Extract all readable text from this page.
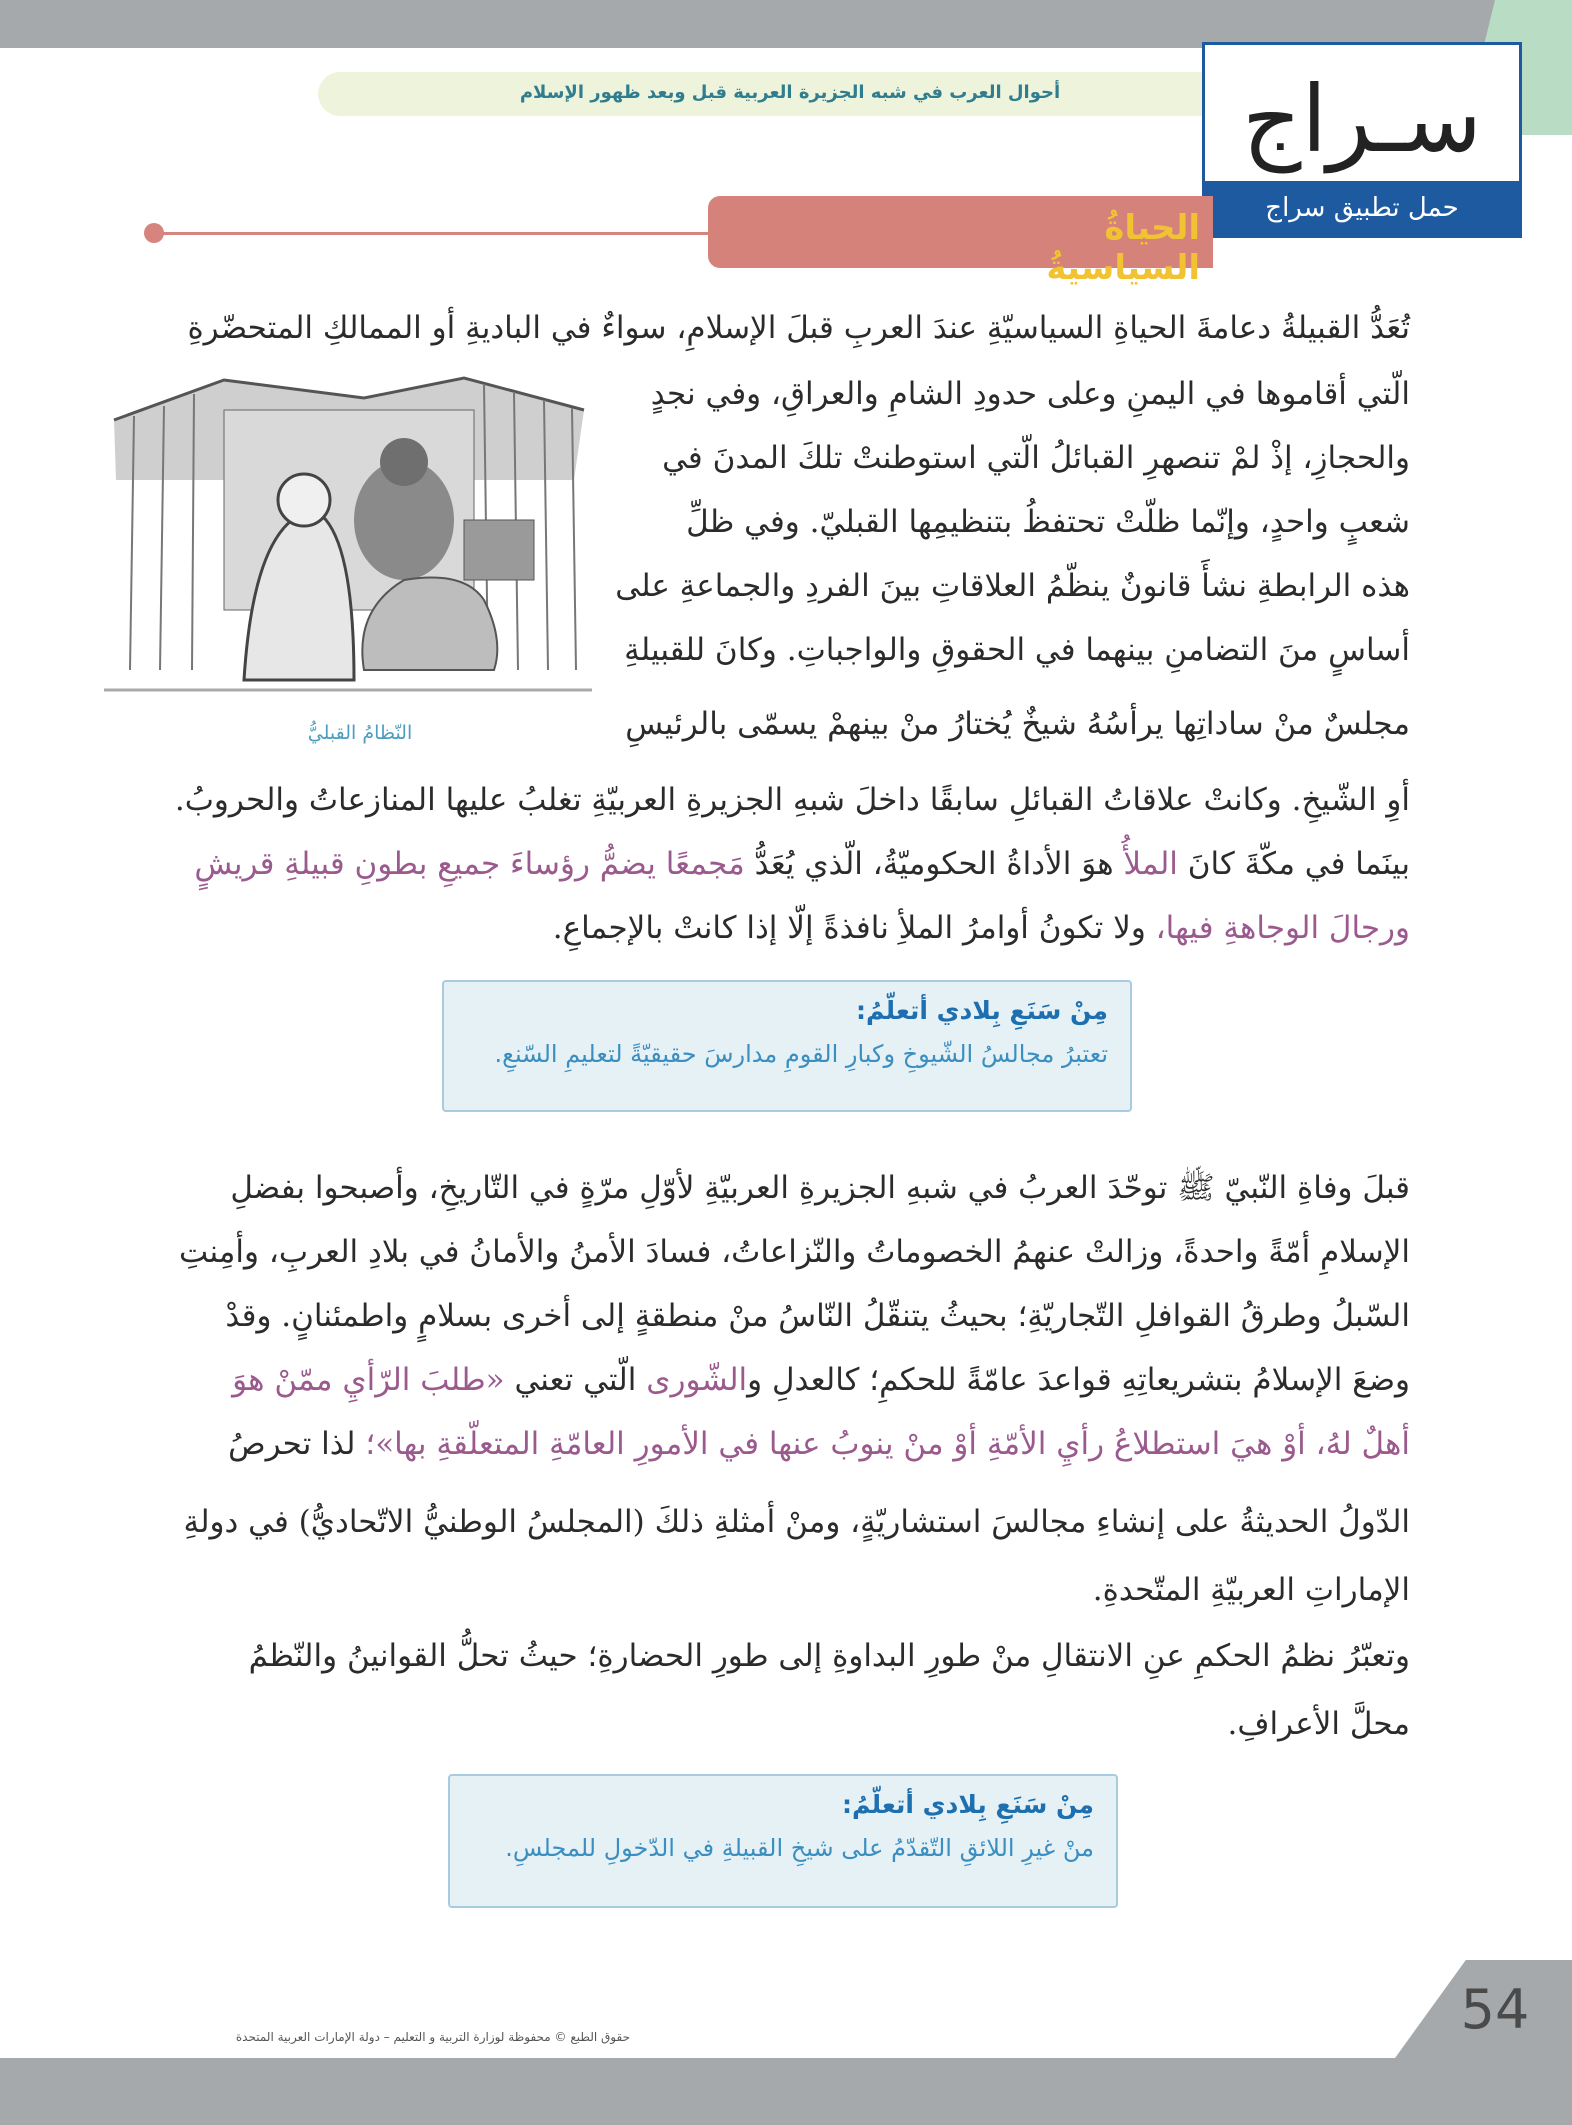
أحوال العرب في شبه الجزيرة العربية قبل وبعد ظهور الإسلام	سـراج
حمل تطبيق سراج
الحياةُ السياسيةُ
تُعَدُّ القبيلةُ دعامةَ الحياةِ السياسيّةِ عندَ العربِ قبلَ الإسلامِ، سواءٌ في الباديةِ أو الممالكِ المتحضّرةِ
الّتي أقاموها في اليمنِ وعلى حدودِ الشامِ والعراقِ، وفي نجدٍ
والحجازِ، إذْ لمْ تنصهرِ القبائلُ الّتي استوطنتْ تلكَ المدنَ في
شعبٍ واحدٍ، وإنّما ظلّتْ تحتفظُ بتنظيمِها القبليّ. وفي ظلِّ
هذه الرابطةِ نشأَ قانونٌ ينظّمُ العلاقاتِ بينَ الفردِ والجماعةِ على
أساسٍ منَ التضامنِ بينهما في الحقوقِ والواجباتِ. وكانَ للقبيلةِ
مجلسٌ منْ ساداتِها يرأسُهُ شيخٌ يُختارُ منْ بينهمْ يسمّى بالرئيسِ
أوِ الشّيخِ. وكانتْ علاقاتُ القبائلِ سابقًا داخلَ شبهِ الجزيرةِ العربيّةِ تغلبُ عليها المنازعاتُ والحروبُ.
بينَما في مكّةَ كانَ الملأُ هوَ الأداةُ الحكوميّةُ، الّذي يُعَدُّ مَجمعًا يضمُّ رؤساءَ جميعِ بطونِ قبيلةِ قريشٍ
ورجالَ الوجاهةِ فيها، ولا تكونُ أوامرُ الملأِ نافذةً إلّا إذا كانتْ بالإجماعِ.
النّظامُ القبليُّ
مِنْ سَنَعِ بِلادي أتعلّمُ:
تعتبرُ مجالسُ الشّيوخِ وكبارِ القومِ مدارسَ حقيقيّةً لتعليمِ السّنعِ.
قبلَ وفاةِ النّبيّ ﷺ توحّدَ العربُ في شبهِ الجزيرةِ العربيّةِ لأوّلِ مرّةٍ في التّاريخِ، وأصبحوا بفضلِ
الإسلامِ أمّةً واحدةً، وزالتْ عنهمُ الخصوماتُ والنّزاعاتُ، فسادَ الأمنُ والأمانُ في بلادِ العربِ، وأمِنتِ
السّبلُ وطرقُ القوافلِ التّجاريّةِ؛ بحيثُ يتنقّلُ النّاسُ منْ منطقةٍ إلى أخرى بسلامٍ واطمئنانٍ. وقدْ
وضعَ الإسلامُ بتشريعاتِهِ قواعدَ عامّةً للحكمِ؛ كالعدلِ والشّورى الّتي تعني «طلبَ الرّأيِ ممّنْ هوَ
أهلٌ لهُ، أوْ هيَ استطلاعُ رأيِ الأمّةِ أوْ منْ ينوبُ عنها في الأمورِ العامّةِ المتعلّقةِ بها»؛ لذا تحرصُ
الدّولُ الحديثةُ على إنشاءِ مجالسَ استشاريّةٍ، ومنْ أمثلةِ ذلكَ (المجلسُ الوطنيُّ الاتّحاديُّ) في دولةِ
الإماراتِ العربيّةِ المتّحدةِ.
وتعبّرُ نظمُ الحكمِ عنِ الانتقالِ منْ طورِ البداوةِ إلى طورِ الحضارةِ؛ حيثُ تحلُّ القوانينُ والنّظمُ
محلَّ الأعرافِ.
مِنْ سَنَعِ بِلادي أتعلّمُ:
منْ غيرِ اللائقِ التّقدّمُ على شيخِ القبيلةِ في الدّخولِ للمجلسِ.
54
حقوق الطبع © محفوظة لوزارة التربية و التعليم – دولة الإمارات العربية المتحدة
